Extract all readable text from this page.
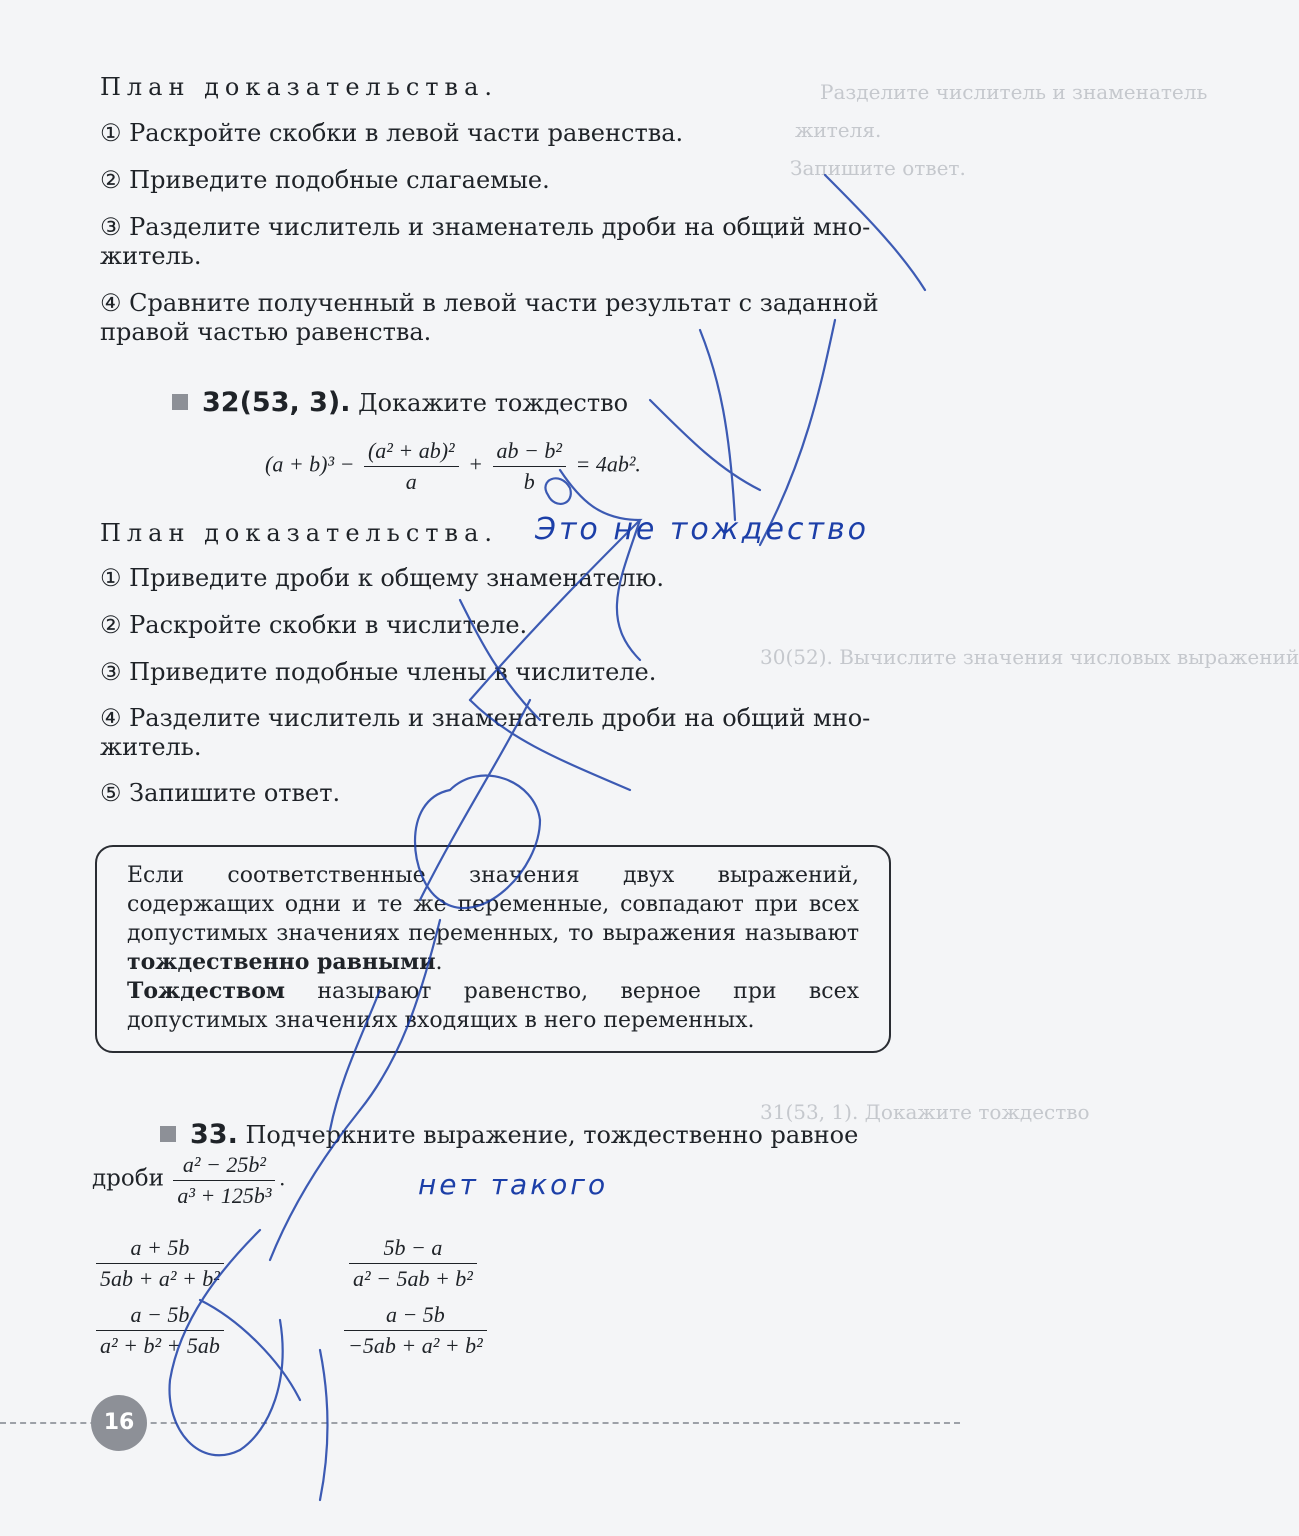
Разделите числитель и знаменатель
жителя.
Запишите ответ.
30(52). Вычислите значения числовых выражений
31(53, 1). Докажите тождество
План доказательства.
① Раскройте скобки в левой части равенства.
② Приведите подобные слагаемые.
③ Разделите числитель и знаменатель дроби на общий мно-
житель.
④ Сравните полученный в левой части результат с заданной
правой частью равенства.
32(53, 3). Докажите тождество
$(a + b)^3 - \frac{\text{(a² + ab)²}}{a} + \frac{\text{ab − b²}}{b} = 4ab^2$.
План доказательства.
① Приведите дроби к общему знаменателю.
② Раскройте скобки в числителе.
③ Приведите подобные члены в числителе.
④ Разделите числитель и знаменатель дроби на общий мно-
житель.
⑤ Запишите ответ.
Если соответственные значения двух выражений, содержащих одни и те же переменные, совпадают при всех допустимых значениях переменных, то выражения называют тождественно равными.
Тождеством называют равенство, верное при всех допустимых значениях входящих в него переменных.
33. Подчеркните выражение, тождественно равное
дроби $\frac{\text{a² − 25b²}}{\text{a³ + 125b³}}$ .
$\frac{a + 5b}{\text{5ab + a² + b²}}$	$\frac{5b - a}{\text{a² − 5ab + b²}}$
$\frac{a - 5b}{\text{a² + b² + 5ab}}$	$\frac{a - 5b}{\text{−5ab + a² + b²}}$
16
Это не тождество
нет такого
